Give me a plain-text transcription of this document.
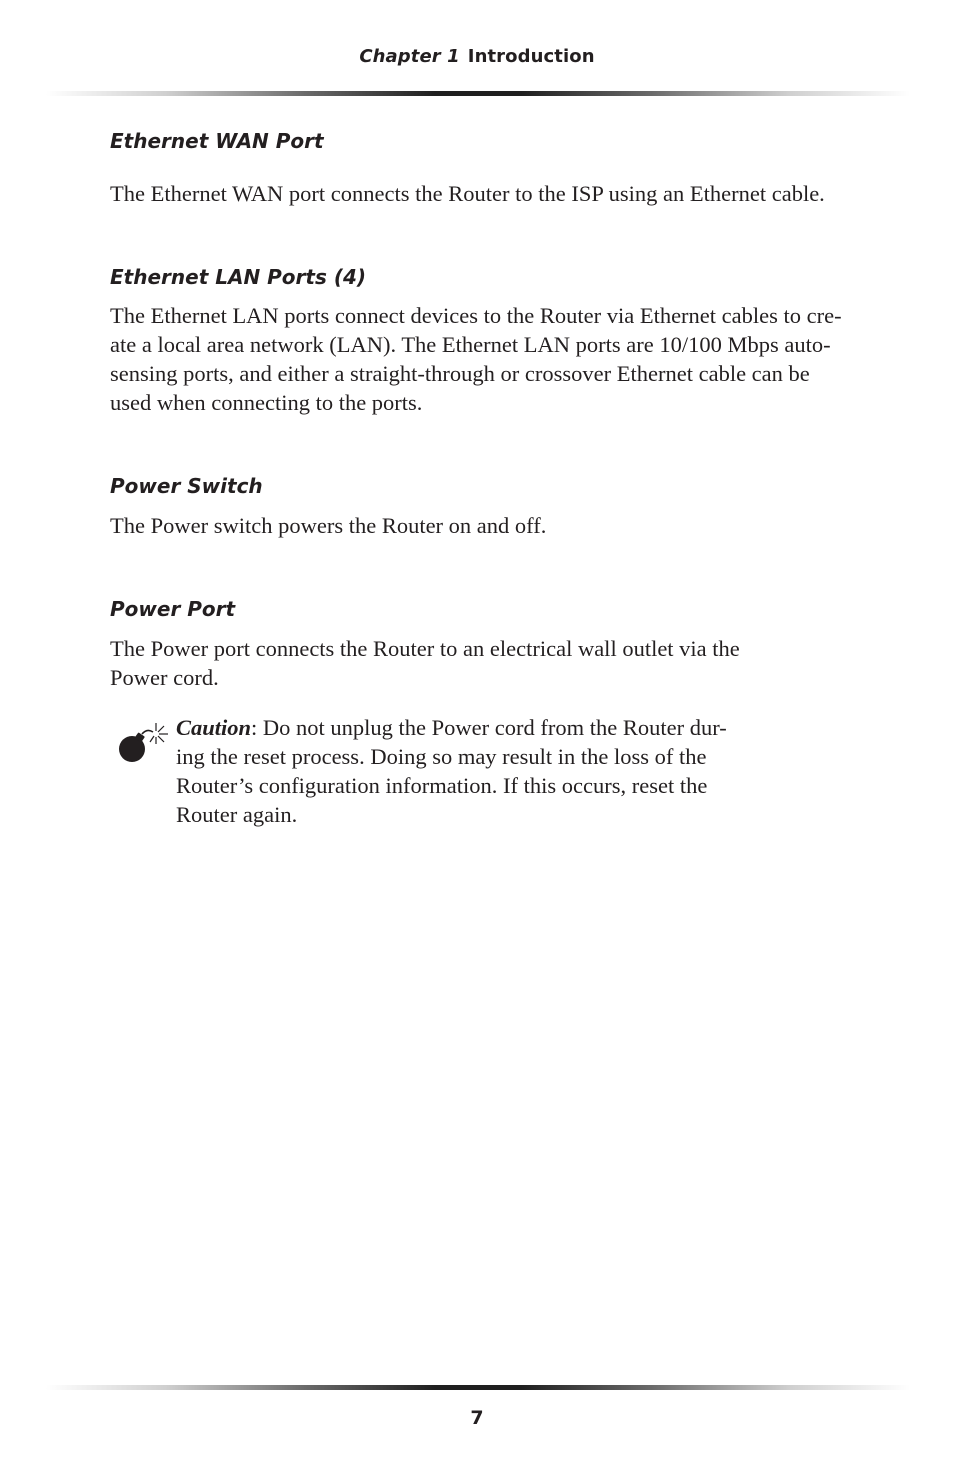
Chapter 1 Introduction
Ethernet WAN Port

The Ethernet WAN port connects the Router to the ISP using an Ethernet cable.

Ethernet LAN Ports (4)

The Ethernet LAN ports connect devices to the Router via Ethernet cables to cre-
ate a local area network (LAN). The Ethernet LAN ports are 10/100 Mbps auto-
sensing ports, and either a straight-through or crossover Ethernet cable can be
used when connecting to the ports.

Power Switch

The Power switch powers the Router on and off.

Power Port

The Power port connects the Router to an electrical wall outlet via the
Power cord.

Caution: Do not unplug the Power cord from the Router dur-
ing the reset process. Doing so may result in the loss of the
Router’s configuration information. If this occurs, reset the
Router again.

7
